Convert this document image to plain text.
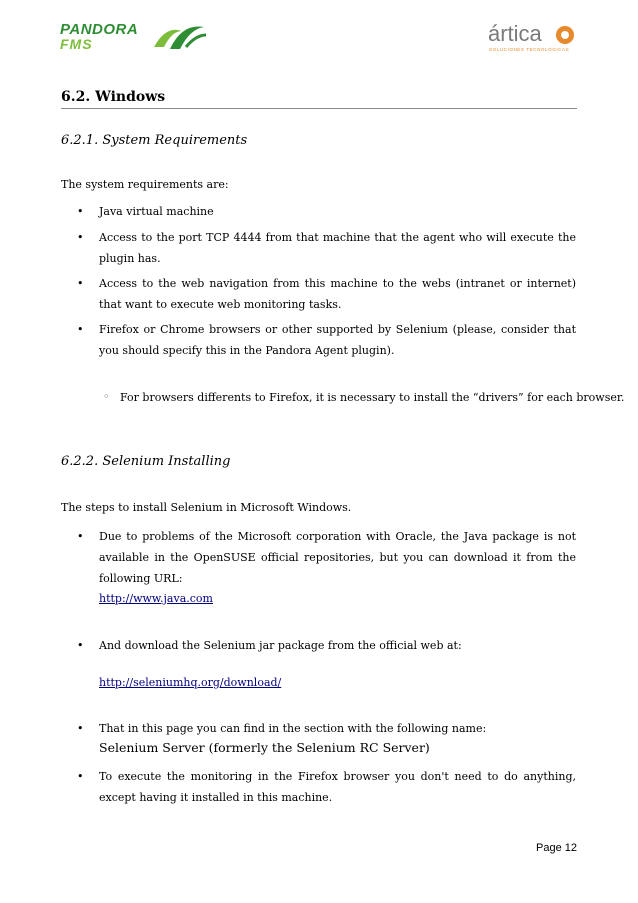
PANDORA
FMS	ártica
SOLUCIONES TECNOLÓGICAS
6.2. Windows
6.2.1. System Requirements

The system requirements are:

• Java virtual machine

• Access to the port TCP 4444 from that machine that the agent who will execute the plugin has.

• Access to the web navigation from this machine to the webs (intranet or internet) that want to execute web monitoring tasks.

• Firefox or Chrome browsers or other supported by Selenium (please, consider that you should specify this in the Pandora Agent plugin).

◦ For browsers differents to Firefox, it is necessary to install the “drivers” for each browser.
6.2.2. Selenium Installing

The steps to install Selenium in Microsoft Windows.

• Due to problems of the Microsoft corporation with Oracle, the Java package is not available in the OpenSUSE official repositories, but you can download it from the following URL:

http://www.java.com
• And download the Selenium jar package from the official web at:

http://seleniumhq.org/download/
• That in this page you can find in the section with the following name:

Selenium Server (formerly the Selenium RC Server)
• To execute the monitoring in the Firefox browser you don't need to do anything, except having it installed in this machine.

Page 12
